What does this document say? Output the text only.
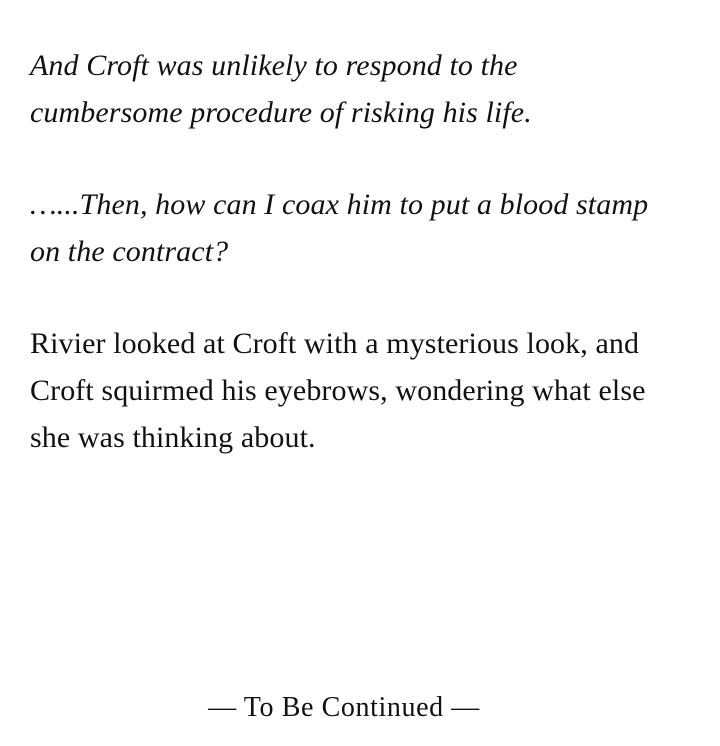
And Croft was unlikely to respond to the cumbersome procedure of risking his life.

…...Then, how can I coax him to put a blood stamp on the contract?

Rivier looked at Croft with a mysterious look, and Croft squirmed his eyebrows, wondering what else she was thinking about.

— To Be Continued —
